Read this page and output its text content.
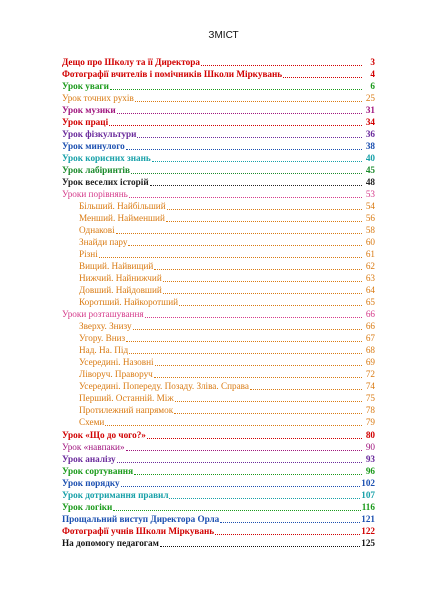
ЗМІСТ
Дещо про Школу та її Директора	3
Фотографії вчителів і помічників Школи Міркувань	4
Урок уваги	6
Урок точних рухів	25
Урок музики	31
Урок праці	34
Урок фізкультури	36
Урок минулого	38
Урок корисних знань	40
Урок лабіринтів	45
Урок веселих історій	48
Уроки порівнянь	53
Більший. Найбільший	54
Менший. Найменший	56
Однакові	58
Знайди пару	60
Різні	61
Вищий. Найвищий	62
Нижчий. Найнижчий	63
Довший. Найдовший	64
Коротший. Найкоротший	65
Уроки розташування	66
Зверху. Знизу	66
Угору. Вниз	67
Над. На. Під	68
Усередині. Назовні	69
Ліворуч. Праворуч	72
Усередині. Попереду. Позаду. Зліва. Справа	74
Перший. Останній. Між	75
Протилежний напрямок	78
Схеми	79
Урок «Що до чого?»	80
Урок «навпаки»	90
Урок аналізу	93
Урок сортування	96
Урок порядку	102
Урок дотримання правил	107
Урок логіки	116
Прощальний виступ Директора Орла	121
Фотографії учнів Школи Міркувань	122
На допомогу педагогам	125
